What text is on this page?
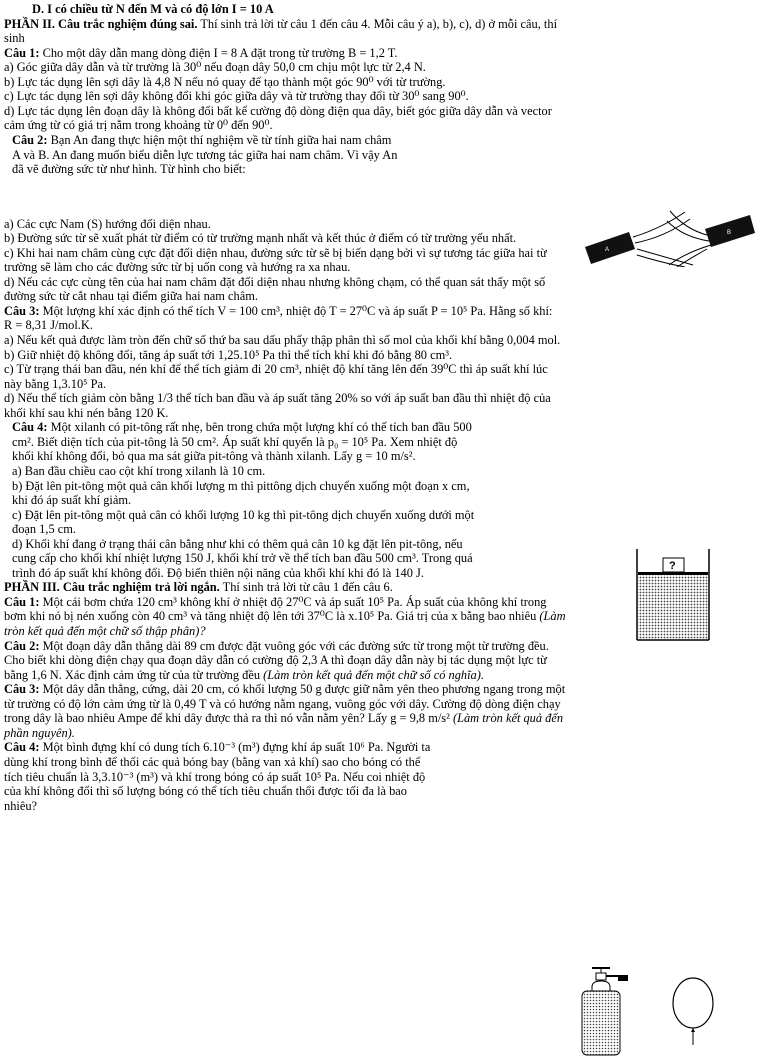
D. I có chiều từ N đến M và có độ lớn I = 10 A
PHẦN II. Câu trắc nghiệm đúng sai. Thí sinh trả lời từ câu 1 đến câu 4. Mỗi câu ý a), b), c), d) ở mỗi câu, thí
sinh
Câu 1: Cho một dây dẫn mang dòng điện I = 8 A đặt trong từ trường B = 1,2 T.
a) Góc giữa dây dẫn và từ trường là 30⁰ nếu đoạn dây 50,0 cm chịu một lực từ 2,4 N.
b) Lực tác dụng lên sợi dây là 4,8 N nếu nó quay để tạo thành một góc 90⁰ với từ trường.
c) Lực tác dụng lên sợi dây không đổi khi góc giữa dây và từ trường thay đổi từ 30⁰ sang 90⁰.
d) Lực tác dụng lên đoạn dây là không đổi bất kể cường độ dòng điện qua dây, biết góc giữa dây dẫn và vector
cảm ứng từ có giá trị nằm trong khoảng từ 0⁰ đến 90⁰.
Câu 2: Bạn An đang thực hiện một thí nghiệm về từ tính giữa hai nam châm
A và B. An đang muốn biểu diễn lực tương tác giữa hai nam châm. Vì vậy An
đã vẽ đường sức từ như hình. Từ hình cho biết:
a) Các cực Nam (S) hướng đối diện nhau.
b) Đường sức từ sẽ xuất phát từ điểm có từ trường mạnh nhất và kết thúc ở điểm có từ trường yếu nhất.
c) Khi hai nam châm cùng cực đặt đối diện nhau, đường sức từ sẽ bị biến dạng bởi vì sự tương tác giữa hai từ
trường sẽ làm cho các đường sức từ bị uốn cong và hướng ra xa nhau.
d) Nếu các cực cùng tên của hai nam châm đặt đối diện nhau nhưng không chạm, có thể quan sát thấy một số
đường sức từ cắt nhau tại điểm giữa hai nam châm.
Câu 3: Một lượng khí xác định có thể tích V = 100 cm³, nhiệt độ T = 27⁰C và áp suất P = 10⁵ Pa. Hằng số khí:
R = 8,31 J/mol.K.
a) Nếu kết quả được làm tròn đến chữ số thứ ba sau dấu phẩy thập phân thì số mol của khối khí bằng 0,004 mol.
b) Giữ nhiệt độ không đổi, tăng áp suất tới 1,25.10⁵ Pa thì thể tích khí khi đó bằng 80 cm³.
c) Từ trạng thái ban đầu, nén khí để thể tích giảm đi 20 cm³, nhiệt độ khí tăng lên đến 39⁰C thì áp suất khí lúc
này bằng 1,3.10⁵ Pa.
d) Nếu thể tích giảm còn bằng 1/3 thể tích ban đầu và áp suất tăng 20% so với áp suất ban đầu thì nhiệt độ của
khối khí sau khi nén bằng 120 K.
Câu 4: Một xilanh có pit-tông rất nhẹ, bên trong chứa một lượng khí có thể tích ban đầu 500
cm². Biết diện tích của pit-tông là 50 cm². Áp suất khí quyển là p₀ = 10⁵ Pa. Xem nhiệt độ
khối khí không đổi, bỏ qua ma sát giữa pit-tông và thành xilanh. Lấy g = 10 m/s².
a) Ban đầu chiều cao cột khí trong xilanh là 10 cm.
b) Đặt lên pit-tông một quả cân khối lượng m thì pittông dịch chuyển xuống một đoạn x cm,
khi đó áp suất khí giảm.
c) Đặt lên pit-tông một quả cân có khối lượng 10 kg thì pit-tông dịch chuyển xuống dưới một
đoạn 1,5 cm.
d) Khối khí đang ở trạng thái cân bằng như khi có thêm quả cân 10 kg đặt lên pit-tông, nếu
cung cấp cho khối khí nhiệt lượng 150 J, khối khí trở về thể tích ban đầu 500 cm³. Trong quá
trình đó áp suất khí không đổi. Độ biến thiên nội năng của khối khí khi đó là 140 J.
PHẦN III. Câu trắc nghiệm trả lời ngắn. Thí sinh trả lời từ câu 1 đến câu 6.
Câu 1: Một cái bơm chứa 120 cm³ không khí ở nhiệt độ 27⁰C và áp suất 10⁵ Pa. Áp suất của không khí trong
bơm khi nó bị nén xuống còn 40 cm³ và tăng nhiệt độ lên tới 37⁰C là x.10⁵ Pa. Giá trị của x bằng bao nhiêu (Làm
tròn kết quả đến một chữ số thập phân)?
Câu 2: Một đoạn dây dẫn thẳng dài 89 cm được đặt vuông góc với các đường sức từ trong một từ trường đều.
Cho biết khi dòng điện chạy qua đoạn dây dẫn có cường độ 2,3 A thì đoạn dây dẫn này bị tác dụng một lực từ
bằng 1,6 N. Xác định cảm ứng từ của từ trường đều (Làm tròn kết quả đến một chữ số có nghĩa).
Câu 3: Một dây dẫn thẳng, cứng, dài 20 cm, có khối lượng 50 g được giữ nằm yên theo phương ngang trong một
từ trường có độ lớn cảm ứng từ là 0,49 T và có hướng nằm ngang, vuông góc với dây. Cường độ dòng điện chạy
trong dây là bao nhiêu Ampe để khi dây được thả ra thì nó vẫn nằm yên? Lấy g = 9,8 m/s² (Làm tròn kết quả đến
phần nguyên).
Câu 4: Một bình đựng khí có dung tích 6.10⁻³ (m³) đựng khí áp suất 10⁶ Pa. Người ta
dùng khí trong bình để thổi các quả bóng bay (bằng van xả khí) sao cho bóng có thể
tích tiêu chuẩn là 3,3.10⁻³ (m³) và khí trong bóng có áp suất 10⁵ Pa. Nếu coi nhiệt độ
của khí không đổi thì số lượng bóng có thể tích tiêu chuẩn thổi được tối đa là bao
nhiêu?
A
B
?
